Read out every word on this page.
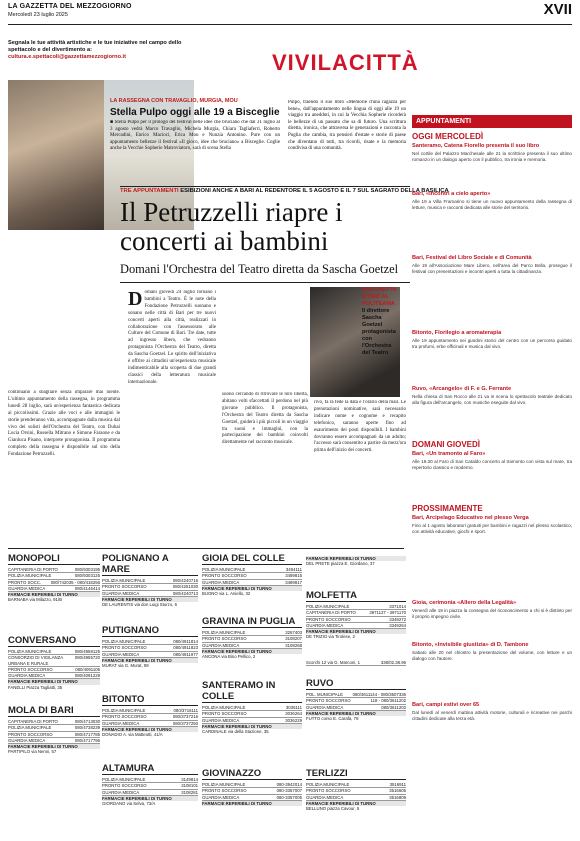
LA GAZZETTA DEL MEZZOGIORNO
Mercoledì 23 luglio 2025	XVII
Segnala le tue attività artistiche e le tue iniziative nel campo dello spettacolo e del divertimento a:
cultura.e.spettacoli@gazzettamezzogiorno.it	VIVILACITTÀ
LA RASSEGNA CON TRAVAGLIO, MURGIA, MOU
Stella Pulpo oggi alle 19 a Bisceglie
■ Stella Pulpo per il prologo del festival delle idee che bruciano che dal 31 luglio al 3 agosto vedrà Marco Travaglio, Michela Murgia, Chiara Tagliaferri, Roberto Mercadini, Enrico Macioci, Erica Mou e Nunzia Antonino. Pure con un appuntamento bellezze il festival «Il gioco, idee che bruciano» a Bisceglie. Coglie anche la Vecchie Sopherie Matroviatoro, sarà di scena Stella
Pulpo, traendo il suo libro «Memorie d'una ragazza per bene», dall'appuntamento nelle lingua di oggi alle 19 un viaggio tra aneddoti, in cui la Vecchia Sopherie ricorderà le bellezze di un passato che sa di futuro. Una scrittura diretta, ironica, che attraversa le generazioni e racconta la Puglia che cambia, tra pensieri d'estate e storie di paese che diventano di tutti, tra ricordi, risate e la memoria condivisa di una comunità.
TRE APPUNTAMENTI ESIBIZIONI ANCHE A BARI AL REDENTORE IL 5 AGOSTO E IL 7 SUL SAGRATO DELLA BASILICA
Il Petruzzelli riapre i concerti ai bambini
Domani l'Orchestra del Teatro diretta da Sascha Goetzel
continuano a sbagliare senza imparare mai niente. L'ultimo appuntamento della rassegna, in programma lunedì 28 luglio, sarà un'esperienza fantastica dedicata ai piccolissimi. Grazie alle voci e alle immagini le storie prenderanno vita, accompagnate dalla musica dal vivo dei solisti dell'Orchestra del Teatro, con Dubai Lucia Orsini, Rossella Mitrano e Simone Faraone e da Gianluca Pisano, interprete protagonista. Il programma completo della rassegna è disponibile sul sito della Fondazione Petruzzelli.
Domani giovedì 24 luglio tornano i bambini a Teatro. È le note della Fondazione Petruzzelli suonano e sonano nelle città di Bari per tre nuovi concerti aperti alla città, realizzati in collaborazione con l'assessorato alle Culture del Comune di Bari. Tre date, tutte ad ingresso libero, che vedranno protagonista l'Orchestra del Teatro, diretta da Sascha Goetzel. Lo spirito dell'iniziativa è offrire ai cittadini un'esperienza musicale indimenticabile alla scoperta di due grandi classici della letteratura musicale internazionale.
suono cercando di ritrovare le loro libertà, abitano volti sfaccettati il perdono nel più giovane pubblico. Il protagonista, l'Orchestra del Teatro diretta da Sascha Goetzel, guiderà i più piccoli in un viaggio tra suoni e immagini, con la partecipazione dei bambini coinvolti direttamente nel racconto musicale.
rivo, fa rà fede la data e l'orario della mail. Le prenotazioni nominative, sarà necessario indicare nome e cognome e recapito telefonico, saranno aperte fino ad esaurimento dei posti disponibili. I bambini dovranno essere accompagnati da un adulto; l'accesso sarà consentito a partire da mezz'ora prima dell'inizio dei concerti.
BACCHETTA
D'ORO AL
POLITEAMA
Il direttore
Sascha
Goetzel
protagonista
con
l'Orchestra
del Teatro
APPUNTAMENTI
OGGI MERCOLEDÌ
Santeramo, Catena Fiorello presenta il suo libro
Nel cortile del Palazzo Marchesale alle 21 la scrittrice presenta il suo ultimo romanzo in un dialogo aperto con il pubblico, tra ironia e memoria.
Bari, «Incontri a cielo aperto»
Alle 19 a Villa Framarino si tiene un nuovo appuntamento della rassegna di letture, musica e racconti dedicata alle storie del territorio.
Bari, Festival del Libro Sociale e di Comunità
Alle 19 all'Associazione Mare Libero, nell'area del Parco Bella, prosegue il festival con presentazioni e incontri aperti a tutta la cittadinanza.
Bitonto, Florilegio a aromaterapia
Alle 19 appuntamento nei giardini storici del centro con un percorso guidato tra profumi, erbe officinali e musica dal vivo.
Ruvo, «Arcangelo» di F. e G. Ferrante
Nella chiesa di San Rocco alle 21 va in scena lo spettacolo teatrale dedicato alla figura dell'arcangelo, con musiche eseguite dal vivo.
DOMANI GIOVEDÌ
Bari, «Un tramonto al Faro»
Alle 19.30 al Faro di San Cataldo concerto al tramonto con vista sul mare, tra repertorio classico e moderno.
PROSSIMAMENTE
Bari, Arcipelago Educativo nel plesso Verga
Fino al 1 agosto laboratori gratuiti per bambini e ragazzi nel plesso scolastico, con attività educative, giochi e sport.
Gioia, cerimonia «Allero della Legalità»
Venerdì alle 19 in piazza la consegna del riconoscimento a chi si è distinto per il proprio impegno civile.
Bitonto, «Invisibile giustizia» di D. Tambone
Sabato alle 20 nel chiostro la presentazione del volume, con letture e un dialogo con l'autore.
Bari, campi estivi over 65
Dal lunedì al venerdì mattina attività motorie, culturali e ricreative nei parchi cittadini dedicate alla terza età.
MONOPOLI
CAPITANERIA DI PORTO	080/9303195
POLIZIA MUNICIPALE	080/9303125
PRONTO SOCC. 080/742035 - 080/418256
GUARDIA MEDICA	080/4146414
FARMACIE REPERIBILI DI TURNO
BARNABA via Milazzo, 91/B
CONVERSANO
POLIZIA MUNICIPALE	080/4958125
CONSORZIO DI VIGILANZA URBANA E RURALE
080/4955720
PRONTO SOCCORSO	080/4091106
GUARDIA MEDICA	080/4091229
FARMACIE REPERIBILI DI TURNO
FANELLI Piazza Tagliatti, 35
MOLA DI BARI
CAPITANERIA DI PORTO	080/4713030
POLIZIA MUNICIPALE	080/4738239
PRONTO SOCCORSO	080/4717785
GUARDIA MEDICA	080/4717796
FARMACIE REPERIBILI DI TURNO
PARTIPILO via Nenni, 57
POLIGNANO A MARE
POLIZIA MUNICIPALE	080/4240716
PRONTO SOCCORSO	080/4251030
GUARDIA MEDICA	080/4240713
FARMACIE REPERIBILI DI TURNO
DE LAURENTIS via don Luigi Sturzo, 6
PUTIGNANO
POLIZIA MUNICIPALE	080/4911814
PRONTO SOCCORSO	080/4911823
GUARDIA MEDICA	080/4911977
FARMACIE REPERIBILI DI TURNO
MURAT via G. Murat, 99
BITONTO
POLIZIA MUNICIPALE	080/3716111
PRONTO SOCCORSO	080/3737216
GUARDIA MEDICA	080/3737250
FARMACIE REPERIBILI DI TURNO
DONADIO A. via Matteotti, 41/A
ALTAMURA
POLIZIA MUNICIPALE	3149814
PRONTO SOCCORSO	3108101
GUARDIA MEDICA	3108281
FARMACIE REPERIBILI DI TURNO
GIORDANO via Selva, 73/A
GIOIA DEL COLLE
POLIZIA MUNICIPALE	3494111
PRONTO SOCCORSO	3489815
GUARDIA MEDICA	3489817
FARMACIE REPERIBILI DI TURNO
BUONO via L. Aniello, 32
GRAVINA IN PUGLIA
POLIZIA MUNICIPALE	3267403
PRONTO SOCCORSO	3108207
GUARDIA MEDICA	3108268
FARMACIE REPERIBILI DI TURNO
ANCONA via Bino Pellico, 2
SANTERAMO IN COLLE
POLIZIA MUNICIPALE	3036111
PRONTO SOCCORSO	3036264
GUARDIA MEDICA	3036229
FARMACIE REPERIBILI DI TURNO
CARDINALE via della Stazione, 35
GIOVINAZZO
POLIZIA MUNICIPALE	080-3942014
PRONTO SOCCORSO	080-3357007
GUARDIA MEDICA	080-3357005
FARMACIE REPERIBILI DI TURNO
MOLFETTA
POLIZIA MUNICIPALE	3371014
CAPITANERIA DI PORTO	3971127 - 3971170
PRONTO SOCCORSO	3349272
GUARDIA MEDICA	3349264
FARMACIE REPERIBILI DI TURNO
DE TRIZIO via Tirolese, 2
RUVO
POL. MUNICIPALE 080/3611144 - 080/3507336
PRONTO SOCCORSO	118 - 080/3611202
GUARDIA MEDICA	080/3611202
FARMACIE REPERIBILI DI TURNO
FUTTO corso E. Carafa, 78
TERLIZZI
POLIZIA MUNICIPALE	3516911
PRONTO SOCCORSO	3516605
GUARDIA MEDICA	3516809
FARMACIE REPERIBILI DI TURNO
BELLUNO piazza Cavour, 5
FARMACIE REPERIBILI DI TURNO
DEL PRETE piazza E. Giordano, 37
Scorchi 12 via G. Marconi, 1	338/02.38.96
